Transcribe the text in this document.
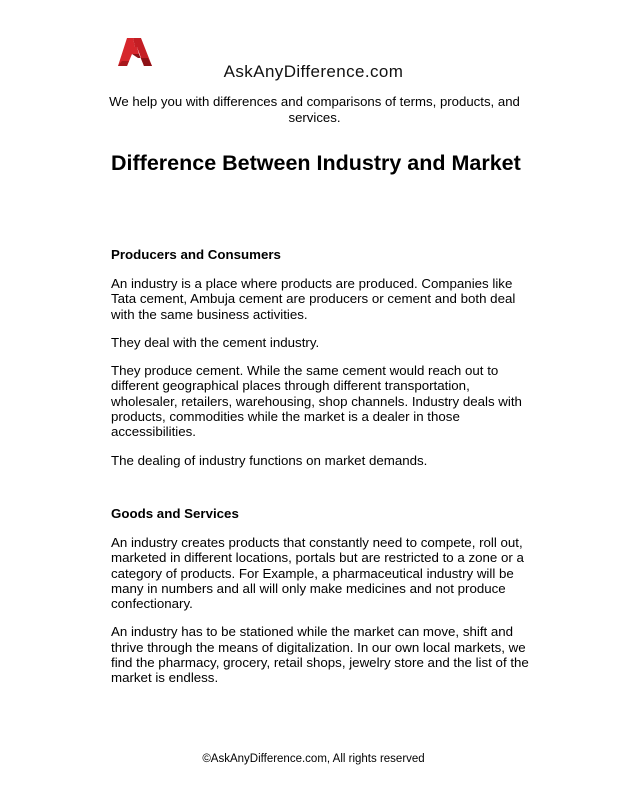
AskAnyDifference.com
We help you with differences and comparisons of terms, products, and services.
Difference Between Industry and Market
Producers and Consumers

An industry is a place where products are produced. Companies like Tata cement, Ambuja cement are producers or cement and both deal with the same business activities.

They deal with the cement industry.

They produce cement. While the same cement would reach out to different geographical places through different transportation, wholesaler, retailers, warehousing, shop channels. Industry deals with products, commodities while the market is a dealer in those accessibilities.

The dealing of industry functions on market demands.

Goods and Services

An industry creates products that constantly need to compete, roll out, marketed in different locations, portals but are restricted to a zone or a category of products. For Example, a pharmaceutical industry will be many in numbers and all will only make medicines and not produce confectionary.

An industry has to be stationed while the market can move, shift and thrive through the means of digitalization. In our own local markets, we find the pharmacy, grocery, retail shops, jewelry store and the list of the market is endless.

©AskAnyDifference.com, All rights reserved
